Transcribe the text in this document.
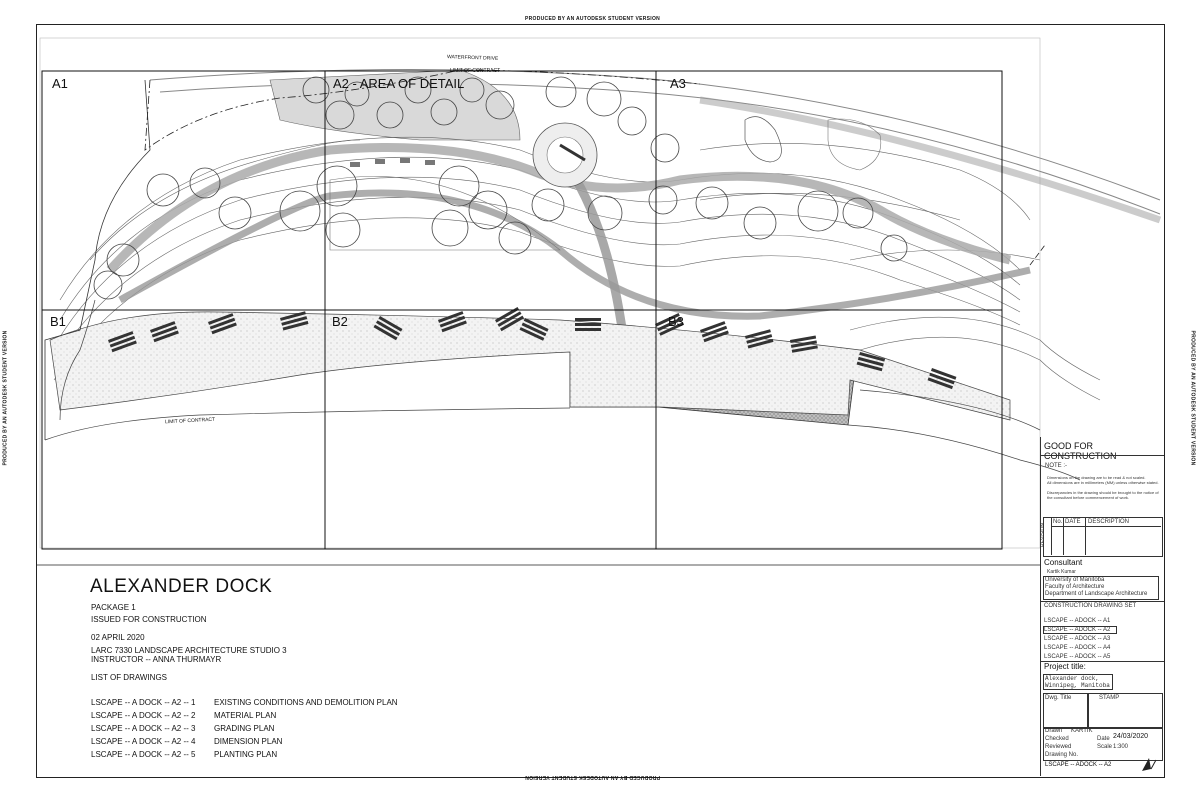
PRODUCED BY AN AUTODESK STUDENT VERSION
PRODUCED BY AN AUTODESK STUDENT VERSION
PRODUCED BY AN AUTODESK STUDENT VERSION	PRODUCED BY AN AUTODESK STUDENT VERSION
A1	A2 - AREA OF DETAIL	A3
B1	B2	B3
WATERFRONT DRIVE
LIMIT OF CONTRACT
LIMIT OF CONTRACT
ALEXANDER DOCK
PACKAGE 1
ISSUED FOR CONSTRUCTION
02 APRIL 2020
LARC 7330 LANDSCAPE ARCHITECTURE STUDIO 3
INSTRUCTOR -- ANNA THURMAYR
LIST OF DRAWINGS
LSCAPE -- A DOCK -- A2 -- 1 EXISTING CONDITIONS AND DEMOLITION PLAN
LSCAPE -- A DOCK -- A2 -- 2 MATERIAL PLAN
LSCAPE -- A DOCK -- A2 -- 3 GRADING PLAN
LSCAPE -- A DOCK -- A2 -- 4 DIMENSION PLAN
LSCAPE -- A DOCK -- A2 -- 5 PLANTING PLAN
GOOD FOR CONSTRUCTION
NOTE :-
Dimensions on the drawing are to be read & not scaled.
All dimensions are in millimeters (MM) unless otherwise stated.
Discrepancies in the drawing should be brought to the notice of the consultant before commencement of work.
REVISION
No. DATE DESCRIPTION
Consultant
Kartik Kumar
University of Manitoba
Faculty of Architecture
Department of Landscape Architecture
CONSTRUCTION DRAWING SET
LSCAPE -- ADOCK -- A1
LSCAPE -- ADOCK -- A2
LSCAPE -- ADOCK -- A3
LSCAPE -- ADOCK -- A4
LSCAPE -- ADOCK -- A5
Project title:
Alexander dock,
Winnipeg, Manitoba
Dwg. Title	STAMP
Drawn KARTIK
Checked	Date 24/03/2020
Reviewed	Scale 1:300
Drawing No.
LSCAPE -- ADOCK -- A2
